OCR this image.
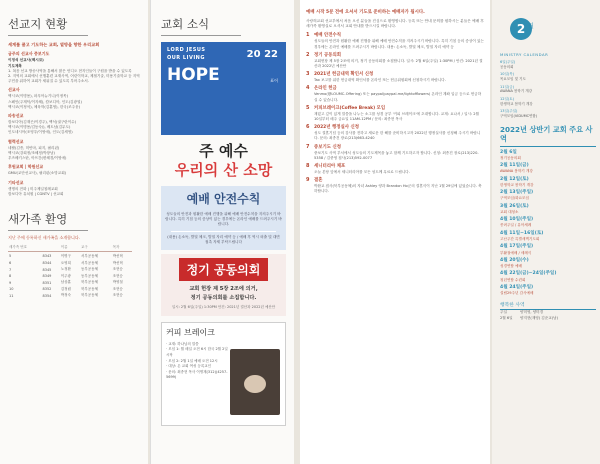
선교지 현황
세계를 품고 기도하는 교회, 열방을 향한 우리교회
금주의 선교사 중보기도
이정석 선교사(멕시코)
기도제목
1. 복음 선교 방송사역을 통해서 많은 언디오 현지인들이 구원을 받을 수 있도록
2. 지역의 교회에서 선행훈련 교재사역, 어린이학교, 제철기술, 미용기술학교 등 지역주민을 위하여 교회가 세워질 수 있도록 부어주소서.
선교사
멕시코(이명용), 파푸아뉴기니(이정목)
스페인(주재덕/이지혜), 캄보디아, 인도(김광열)
멕시코(이정석), 체육학(김훈영), 한국(조주웅)
파송선교
캄보디아(김재곤/이경주), 백석(권구란이수)
멕시코(이명용/김동숙/), 베트남(김무도)
인도네시아(조영우/이영애), 인도(김세영)
협력선교
네팔(김종, 미얀마, 피지, 필리핀)
멕시코(강희정/조혜정/박창남)
우즈베키스탄, 아프간(변혜경/이영애)
후원교회 | 학원선교
GMU(교단선교사), 필리핀(소망교회)
기타선교
생명의 전화 | 미주제일침례교회
캄보디아 유치원 | CGNTV | 선교회
새가족 환영
지난 주에 등록하신 새가족을 소개합니다.
새가족 번호		이름	교구	목자
5	8343	이명구	서부공동체	박선혁
6	8344	오영희	서부공동체	박선혁
7	8345	노정환	동부공동체	조현승
8	8349	이주광	동부공동체	조현승
9	8351	남상훈	북부공동체	박영철
10	8352	김정림	북부공동체	조현승
11	8354	박정숙	북부공동체	조현승
교회 소식
$^{LORD JESUS}$
$^{OUR LIVING}$
HOPE
20 22
표어
주 예수
우리의 산 소망
예배 안전수칙
성도들의 안전과 원활한 예배 진행을 위해 예배 안전수칙을 지켜주시기 바랍니다. 특히 기침 등의 증상이 있는 경우에는 온라인 예배를 드려주시기 바랍니다.
(내용) 손소독, 발열 체크, 발열 자리 예약 등 / 예배 후 역시 외출 및 대면 접촉 자제 부탁드립니다
정기 공동의회
교회 헌장 제 5장 2조에 의거,
정기 공동의회를 소집합니다.
일시: 2월 6일(주일) 1:30PM 안건: 2021년 결산과 2022년 예산안
커피 브레이크
· 교재: 하나님의 말씀
· 모임 1: 월 매일 오전 6시 한국 2월 2일 시작
· 모임 2: 2월 1일 예배 오전 12시
· 대상: 온 교회 여성 등록교인
· 문의: 최종현 목사 이명재(312)(4257-5699)
예배 시작 5분 전에 오셔서 기도로 준비하는 예배자가 됩시다.
사랑의교회 선교부에서 처음 오신 분들을 진심으로 환영합니다. 등록 또는 안내 문의를 원하시는 분들은 예배 후 새가족 환영실로 오셔서 교회 안내를 받으시길 바랍니다.
1	예배 안전수칙
성도들의 안전과 원활한 예배 진행을 위해 예배 안전수칙을 지켜주시기 바랍니다. 특히 기침 등의 증상이 있는 경우에는 온라인 예배를 드려주시기 바랍니다. 내용: 손소독, 발열 체크, 발열 자리 예약 등
2	정기 공동의회
교회헌장 제 5장 2조에 의거, 정기 공동의회를 소집합니다. 일시: 2월 6일(주일) 1:30PM / 안건: 2021년 결산과 2022년 예산안
3	2021년 헌금내역 확인서 신청
Tax 보고를 위한 헌금내역 확인서를 온라인 또는 헌금위원회에 신청하시기 바랍니다.
4	온라인 헌금
Venmo(@LOUMC-Offering) 또는 paypal(paypal.me/lightofflowers) 온라인 계좌 입금 등으로 헌금하실 수 있습니다.
5	커피브레이크(Coffee Break) 모임
재밌고 깊이 있게 말씀을 나누는 소그룹 성경 공부 '커피 브레이크'에 초대합니다. 교재: 요나서 / 일시: 2월 10일부터 매주 금요일 11AM-12PM / 문의: 최종현 목사
6	2022년 행정실사 신청
성도 결혼기념 등의 감사를 전하고 새로운 한 해를 준비하시고자 2022년 행정실사를 신청해 주시기 바랍니다. 문의: 최종건 장로(213)663-4240
7	중보기도 신청
중보기도 사역 부서에서 성도들의 기도제목을 놓고 함께 기도하고자 합니다. 신청: 최종건 장로(213)220-5358 / 김중영 집사(213)592-0077
8	세니터리아 체포
오늘 본당 앞에서 세니터리아를 모든 성도께 무료로 드립니다.
9	결혼
박환교 집사(북부공동체)의 자녀 Ashley 양과 Brandon Ho군의 결혼식이 지난 1월 29일에 있었습니다. 축하합니다.
2 월
MINISTRY CALENDAR
6일(주일)
공동의회
10일(목)
목요모임 및 기도
11일(금)
AWANA 봄학기 개강
12일(토)
한생학교 봄학기 개강
13일(주일)
구역모임(VIDUMC연합)
2022년 상반기 교회 주요 사역
2월 6일
정기공동의회
2월 11일(금)
AWANA 봄학기 개강
2월 12일(토)
한생학교 봄학기 개강
2월 13일(주일)
구역모임/화요모임
3월 26일(토)
교회 대청소
4월 10일(주일)
종려주일 / 유아세례
4월 11일~16일(토)
고난주간 특별새벽기도회
4월 17일(주일)
부활절예배 / 세례식
4월 20일(수)
성경연합 예배
4월 22일(금)~24일(주일)
청년연합 수련회
4월 24일(주일)
설립29주년 감사예배
행복한 사역
주일	양미영, 양미경
2월 6일	양지현(재영) 김준교(남)
